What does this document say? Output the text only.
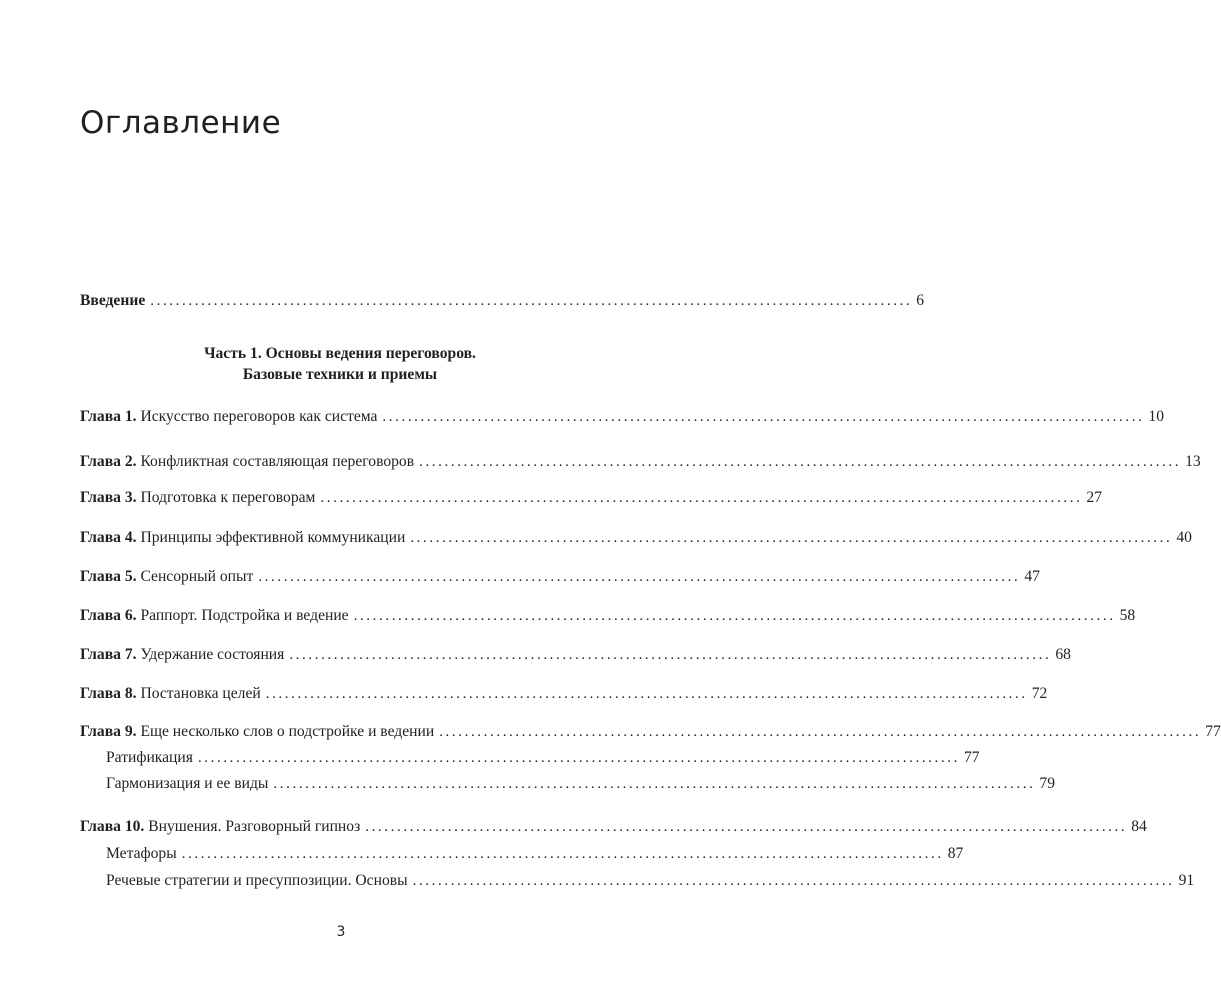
Оглавление
Введение ........................................................................................................................ 6
Часть 1. Основы ведения переговоров.
Базовые техники и приемы
Глава 1. Искусство переговоров как система ........................................................................................................................ 10
Глава 2. Конфликтная составляющая переговоров ........................................................................................................................ 13
Глава 3. Подготовка к переговорам ........................................................................................................................ 27
Глава 4. Принципы эффективной коммуникации ........................................................................................................................ 40
Глава 5. Сенсорный опыт ........................................................................................................................ 47
Глава 6. Раппорт. Подстройка и ведение ........................................................................................................................ 58
Глава 7. Удержание состояния ........................................................................................................................ 68
Глава 8. Постановка целей ........................................................................................................................ 72
Глава 9. Еще несколько слов о подстройке и ведении ........................................................................................................................ 77
Ратификация ........................................................................................................................ 77
Гармонизация и ее виды ........................................................................................................................ 79
Глава 10. Внушения. Разговорный гипноз ........................................................................................................................ 84
Метафоры ........................................................................................................................ 87
Речевые стратегии и пресуппозиции. Основы ........................................................................................................................ 91
3
